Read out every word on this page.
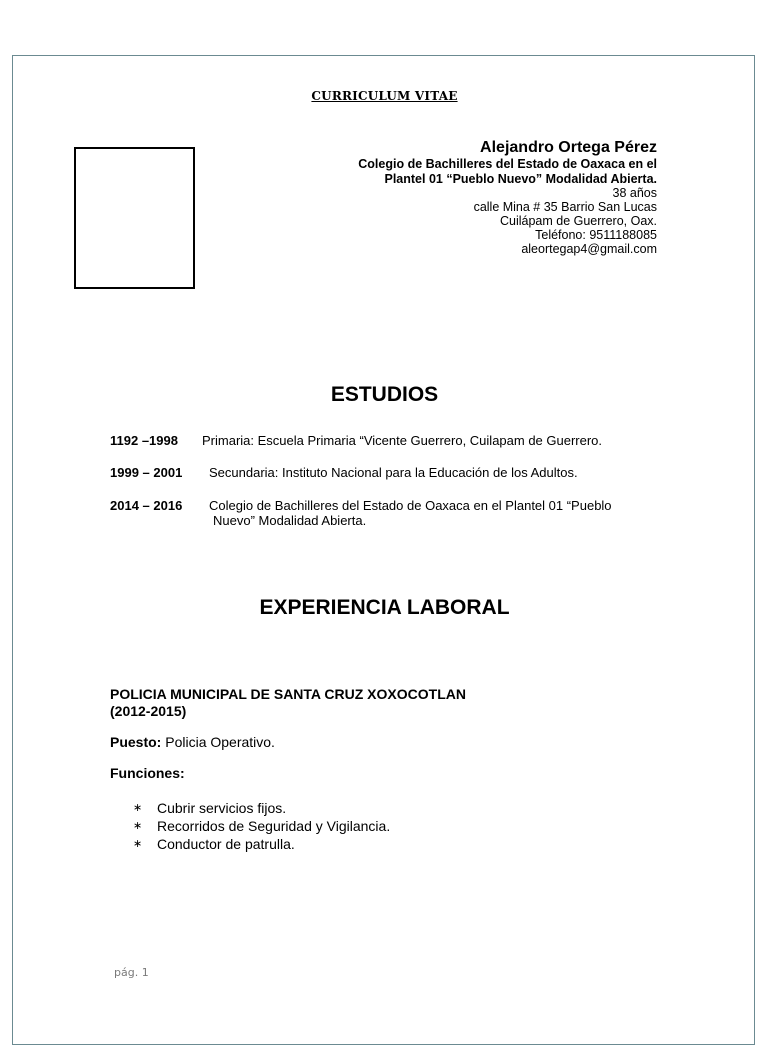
CURRICULUM VITAE
Alejandro Ortega Pérez
Colegio de Bachilleres del Estado de Oaxaca en el
Plantel 01 “Pueblo Nuevo” Modalidad Abierta.
38 años
calle Mina # 35 Barrio San Lucas
Cuilápam de Guerrero, Oax.
Teléfono: 9511188085
aleortegap4@gmail.com
ESTUDIOS
1192 –1998 Primaria: Escuela Primaria “Vicente Guerrero, Cuilapam de Guerrero.
1999 – 2001 Secundaria: Instituto Nacional para la Educación de los Adultos.
2014 – 2016 Colegio de Bachilleres del Estado de Oaxaca en el Plantel 01 “Pueblo
Nuevo” Modalidad Abierta.
EXPERIENCIA LABORAL
POLICIA MUNICIPAL DE SANTA CRUZ XOXOCOTLAN
(2012-2015)
Puesto: Policia Operativo.
Funciones:
∗ Cubrir servicios fijos.
∗ Recorridos de Seguridad y Vigilancia.
∗ Conductor de patrulla.
pág. 1
